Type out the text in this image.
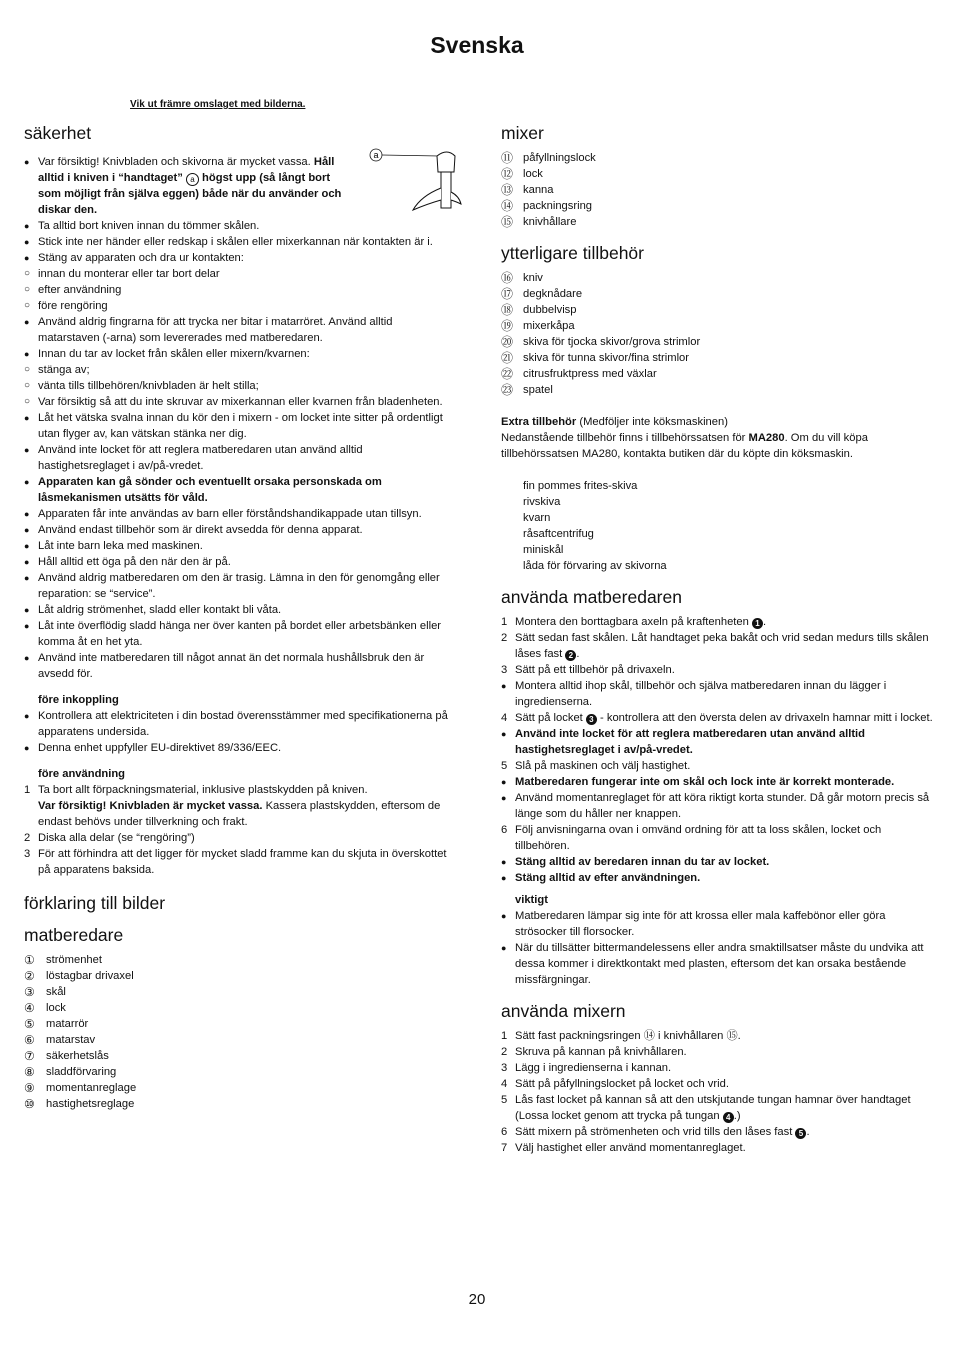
Svenska
Vik ut främre omslaget med bilderna.
säkerhet
a
● Var försiktig! Knivbladen och skivorna är mycket vassa. Håll alltid i kniven i “handtaget” a högst upp (så långt bort som möjligt från själva eggen) både när du använder och diskar den.
● Ta alltid bort kniven innan du tömmer skålen.
● Stick inte ner händer eller redskap i skålen eller mixerkannan när kontakten är i.
● Stäng av apparaten och dra ur kontakten:
○ innan du monterar eller tar bort delar
○ efter användning
○ före rengöring
● Använd aldrig fingrarna för att trycka ner bitar i matarröret. Använd alltid matarstaven (-arna) som levererades med matberedaren.
● Innan du tar av locket från skålen eller mixern/kvarnen:
○ stänga av;
○ vänta tills tillbehören/knivbladen är helt stilla;
○ Var försiktig så att du inte skruvar av mixerkannan eller kvarnen från bladenheten.
● Låt het vätska svalna innan du kör den i mixern - om locket inte sitter på ordentligt utan flyger av, kan vätskan stänka ner dig.
● Använd inte locket för att reglera matberedaren utan använd alltid hastighetsreglaget i av/på-vredet.
● Apparaten kan gå sönder och eventuellt orsaka personskada om låsmekanismen utsätts för våld.
● Apparaten får inte användas av barn eller förståndshandikappade utan tillsyn.
● Använd endast tillbehör som är direkt avsedda för denna apparat.
● Låt inte barn leka med maskinen.
● Håll alltid ett öga på den när den är på.
● Använd aldrig matberedaren om den är trasig. Lämna in den för genomgång eller reparation: se “service”.
● Låt aldrig strömenhet, sladd eller kontakt bli våta.
● Låt inte överflödig sladd hänga ner över kanten på bordet eller arbetsbänken eller komma åt en het yta.
● Använd inte matberedaren till något annat än det normala hushållsbruk den är avsedd för.
före inkoppling
● Kontrollera att elektriciteten i din bostad överensstämmer med specifikationerna på apparatens undersida.
● Denna enhet uppfyller EU-direktivet 89/336/EEC.
före användning
1 Ta bort allt förpackningsmaterial, inklusive plastskydden på kniven.
Var försiktig! Knivbladen är mycket vassa. Kassera plastskydden, eftersom de endast behövs under tillverkning och frakt.
2 Diska alla delar (se “rengöring”)
3 För att förhindra att det ligger för mycket sladd framme kan du skjuta in överskottet på apparatens baksida.
förklaring till bilder
matberedare
① strömenhet
② löstagbar drivaxel
③ skål
④ lock
⑤ matarrör
⑥ matarstav
⑦ säkerhetslås
⑧ sladdförvaring
⑨ momentanreglage
⑩ hastighetsreglage
mixer
⑪ påfyllningslock
⑫ lock
⑬ kanna
⑭ packningsring
⑮ knivhållare
ytterligare tillbehör
⑯ kniv
⑰ degknådare
⑱ dubbelvisp
⑲ mixerkåpa
⑳ skiva för tjocka skivor/grova strimlor
㉑ skiva för tunna skivor/fina strimlor
㉒ citrusfruktpress med växlar
㉓ spatel
Extra tillbehör (Medföljer inte köksmaskinen)
Nedanstående tillbehör finns i tillbehörssatsen för MA280. Om du vill köpa tillbehörssatsen MA280, kontakta butiken där du köpte din köksmaskin.
fin pommes frites-skiva
rivskiva
kvarn
råsaftcentrifug
miniskål
låda för förvaring av skivorna
använda matberedaren
1 Montera den borttagbara axeln på kraftenheten 1 .
2 Sätt sedan fast skålen. Låt handtaget peka bakåt och vrid sedan medurs tills skålen låses fast 2 .
3 Sätt på ett tillbehör på drivaxeln.
● Montera alltid ihop skål, tillbehör och själva matberedaren innan du lägger i ingredienserna.
4 Sätt på locket 3 - kontrollera att den översta delen av drivaxeln hamnar mitt i locket.
● Använd inte locket för att reglera matberedaren utan använd alltid hastighetsreglaget i av/på-vredet.
5 Slå på maskinen och välj hastighet.
● Matberedaren fungerar inte om skål och lock inte är korrekt monterade.
● Använd momentanreglaget för att köra riktigt korta stunder. Då går motorn precis så länge som du håller ner knappen.
6 Följ anvisningarna ovan i omvänd ordning för att ta loss skålen, locket och tillbehören.
● Stäng alltid av beredaren innan du tar av locket.
● Stäng alltid av efter användningen.
viktigt
● Matberedaren lämpar sig inte för att krossa eller mala kaffebönor eller göra strösocker till florsocker.
● När du tillsätter bittermandelessens eller andra smaktillsatser måste du undvika att dessa kommer i direktkontakt med plasten, eftersom det kan orsaka bestående missfärgningar.
använda mixern
1 Sätt fast packningsringen ⑭ i knivhållaren ⑮.
2 Skruva på kannan på knivhållaren.
3 Lägg i ingredienserna i kannan.
4 Sätt på påfyllningslocket på locket och vrid.
5 Lås fast locket på kannan så att den utskjutande tungan hamnar över handtaget (Lossa locket genom att trycka på tungan 4 .)
6 Sätt mixern på strömenheten och vrid tills den låses fast 5 .
7 Välj hastighet eller använd momentanreglaget.
20
